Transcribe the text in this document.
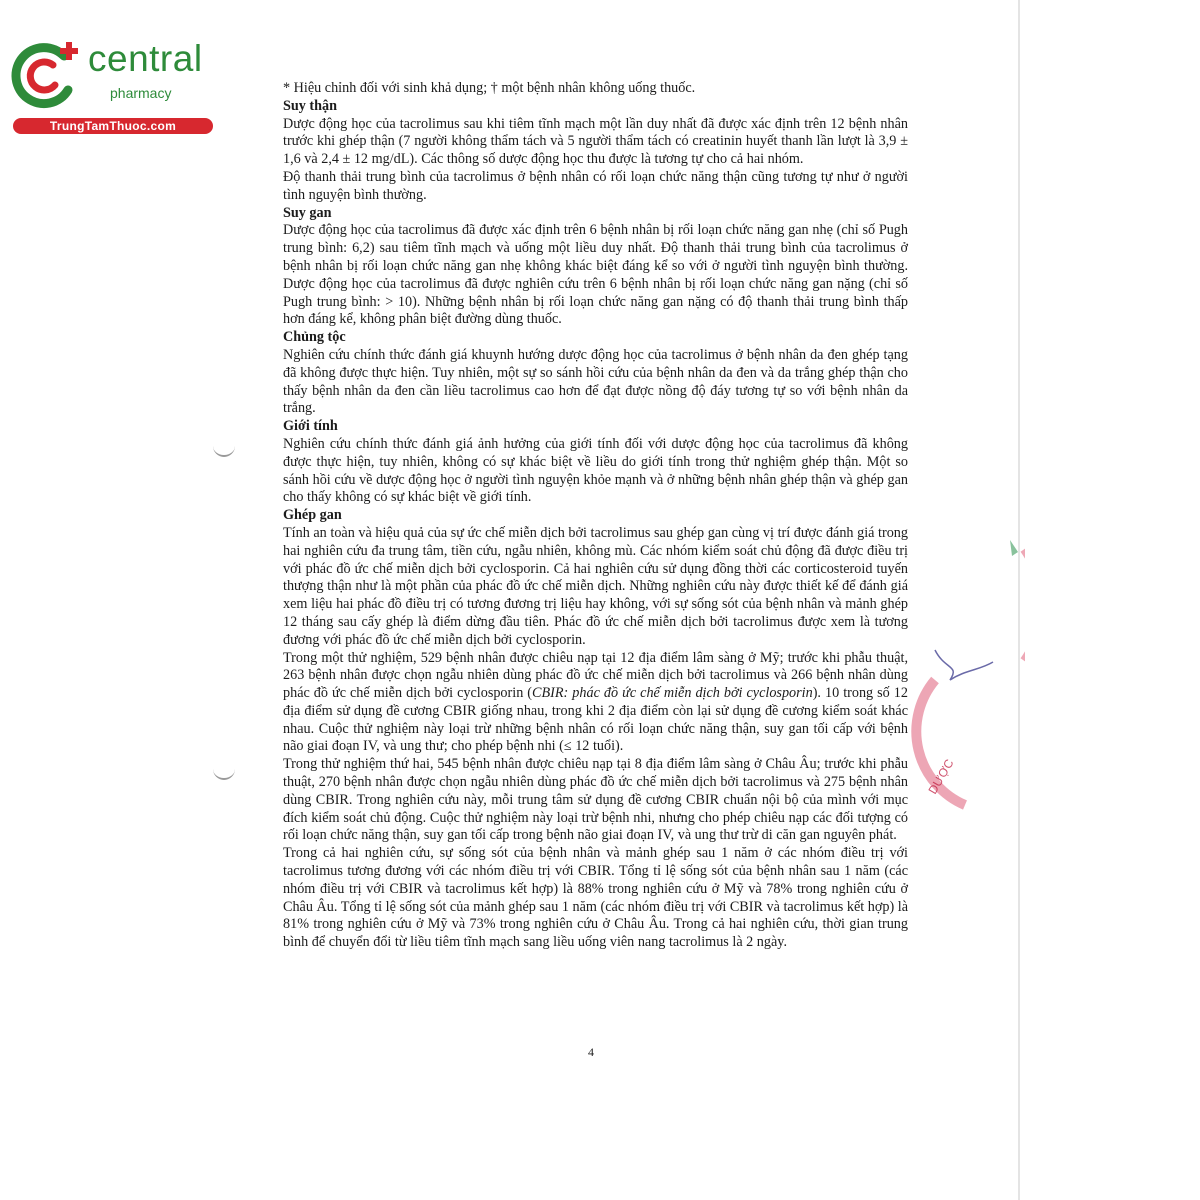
central
pharmacy
TrungTamThuoc.com
DƯỢC

* Hiệu chỉnh đối với sinh khả dụng; † một bệnh nhân không uống thuốc.

Suy thận

Dược động học của tacrolimus sau khi tiêm tĩnh mạch một lần duy nhất đã được xác định trên 12 bệnh nhân trước khi ghép thận (7 người không thẩm tách và 5 người thẩm tách có creatinin huyết thanh lần lượt là 3,9 ± 1,6 và 2,4 ± 12 mg/dL). Các thông số dược động học thu được là tương tự cho cả hai nhóm.

Độ thanh thải trung bình của tacrolimus ở bệnh nhân có rối loạn chức năng thận cũng tương tự như ở người tình nguyện bình thường.

Suy gan

Dược động học của tacrolimus đã được xác định trên 6 bệnh nhân bị rối loạn chức năng gan nhẹ (chỉ số Pugh trung bình: 6,2) sau tiêm tĩnh mạch và uống một liều duy nhất. Độ thanh thải trung bình của tacrolimus ở bệnh nhân bị rối loạn chức năng gan nhẹ không khác biệt đáng kể so với ở người tình nguyện bình thường. Dược động học của tacrolimus đã được nghiên cứu trên 6 bệnh nhân bị rối loạn chức năng gan nặng (chỉ số Pugh trung bình: > 10). Những bệnh nhân bị rối loạn chức năng gan nặng có độ thanh thải trung bình thấp hơn đáng kể, không phân biệt đường dùng thuốc.

Chủng tộc

Nghiên cứu chính thức đánh giá khuynh hướng dược động học của tacrolimus ở bệnh nhân da đen ghép tạng đã không được thực hiện. Tuy nhiên, một sự so sánh hồi cứu của bệnh nhân da đen và da trắng ghép thận cho thấy bệnh nhân da đen cần liều tacrolimus cao hơn để đạt được nồng độ đáy tương tự so với bệnh nhân da trắng.

Giới tính

Nghiên cứu chính thức đánh giá ảnh hưởng của giới tính đối với dược động học của tacrolimus đã không được thực hiện, tuy nhiên, không có sự khác biệt về liều do giới tính trong thử nghiệm ghép thận. Một so sánh hồi cứu về dược động học ở người tình nguyện khỏe mạnh và ở những bệnh nhân ghép thận và ghép gan cho thấy không có sự khác biệt về giới tính.

Ghép gan

Tính an toàn và hiệu quả của sự ức chế miễn dịch bởi tacrolimus sau ghép gan cùng vị trí được đánh giá trong hai nghiên cứu đa trung tâm, tiền cứu, ngẫu nhiên, không mù. Các nhóm kiểm soát chủ động đã được điều trị với phác đồ ức chế miễn dịch bởi cyclosporin. Cả hai nghiên cứu sử dụng đồng thời các corticosteroid tuyến thượng thận như là một phần của phác đồ ức chế miễn dịch. Những nghiên cứu này được thiết kế để đánh giá xem liệu hai phác đồ điều trị có tương đương trị liệu hay không, với sự sống sót của bệnh nhân và mảnh ghép 12 tháng sau cấy ghép là điểm dừng đầu tiên. Phác đồ ức chế miễn dịch bởi tacrolimus được xem là tương đương với phác đồ ức chế miễn dịch bởi cyclosporin.

Trong một thử nghiệm, 529 bệnh nhân được chiêu nạp tại 12 địa điểm lâm sàng ở Mỹ; trước khi phẫu thuật, 263 bệnh nhân được chọn ngẫu nhiên dùng phác đồ ức chế miễn dịch bởi tacrolimus và 266 bệnh nhân dùng phác đồ ức chế miễn dịch bởi cyclosporin (CBIR: phác đồ ức chế miễn dịch bởi cyclosporin). 10 trong số 12 địa điểm sử dụng đề cương CBIR giống nhau, trong khi 2 địa điểm còn lại sử dụng đề cương kiểm soát khác nhau. Cuộc thử nghiệm này loại trừ những bệnh nhân có rối loạn chức năng thận, suy gan tối cấp với bệnh não giai đoạn IV, và ung thư; cho phép bệnh nhi (≤ 12 tuổi).

Trong thử nghiệm thứ hai, 545 bệnh nhân được chiêu nạp tại 8 địa điểm lâm sàng ở Châu Âu; trước khi phẫu thuật, 270 bệnh nhân được chọn ngẫu nhiên dùng phác đồ ức chế miễn dịch bởi tacrolimus và 275 bệnh nhân dùng CBIR. Trong nghiên cứu này, mỗi trung tâm sử dụng đề cương CBIR chuẩn nội bộ của mình với mục đích kiểm soát chủ động. Cuộc thử nghiệm này loại trừ bệnh nhi, nhưng cho phép chiêu nạp các đối tượng có rối loạn chức năng thận, suy gan tối cấp trong bệnh não giai đoạn IV, và ung thư trừ di căn gan nguyên phát.

Trong cả hai nghiên cứu, sự sống sót của bệnh nhân và mảnh ghép sau 1 năm ở các nhóm điều trị với tacrolimus tương đương với các nhóm điều trị với CBIR. Tổng tỉ lệ sống sót của bệnh nhân sau 1 năm (các nhóm điều trị với CBIR và tacrolimus kết hợp) là 88% trong nghiên cứu ở Mỹ và 78% trong nghiên cứu ở Châu Âu. Tổng tỉ lệ sống sót của mảnh ghép sau 1 năm (các nhóm điều trị với CBIR và tacrolimus kết hợp) là 81% trong nghiên cứu ở Mỹ và 73% trong nghiên cứu ở Châu Âu. Trong cả hai nghiên cứu, thời gian trung bình để chuyển đổi từ liều tiêm tĩnh mạch sang liều uống viên nang tacrolimus là 2 ngày.

4
